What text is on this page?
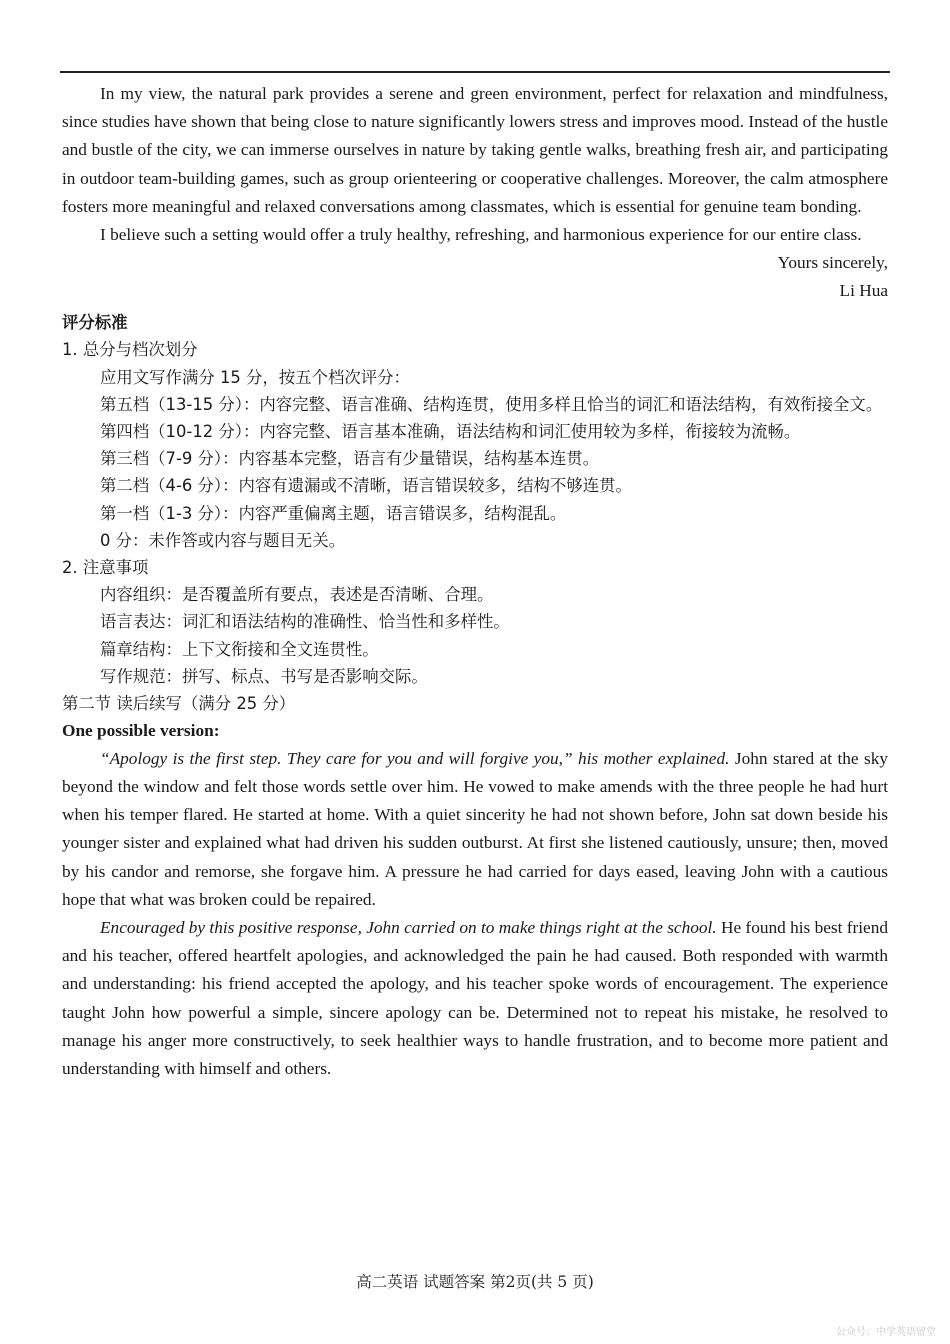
In my view, the natural park provides a serene and green environment, perfect for relaxation and mindfulness, since studies have shown that being close to nature significantly lowers stress and improves mood. Instead of the hustle and bustle of the city, we can immerse ourselves in nature by taking gentle walks, breathing fresh air, and participating in outdoor team-building games, such as group orienteering or cooperative challenges. Moreover, the calm atmosphere fosters more meaningful and relaxed conversations among classmates, which is essential for genuine team bonding.

I believe such a setting would offer a truly healthy, refreshing, and harmonious experience for our entire class.

Yours sincerely,
Li Hua
评分标准
1. 总分与档次划分
应用文写作满分 15 分，按五个档次评分：
第五档（13-15 分）：内容完整、语言准确、结构连贯，使用多样且恰当的词汇和语法结构，有效衔接全文。
第四档（10-12 分）：内容完整、语言基本准确，语法结构和词汇使用较为多样，衔接较为流畅。
第三档（7-9 分）：内容基本完整，语言有少量错误，结构基本连贯。
第二档（4-6 分）：内容有遗漏或不清晰，语言错误较多，结构不够连贯。
第一档（1-3 分）：内容严重偏离主题，语言错误多，结构混乱。
0 分：未作答或内容与题目无关。
2. 注意事项
内容组织：是否覆盖所有要点，表述是否清晰、合理。
语言表达：词汇和语法结构的准确性、恰当性和多样性。
篇章结构：上下文衔接和全文连贯性。
写作规范：拼写、标点、书写是否影响交际。
第二节 读后续写（满分 25 分）
One possible version:

“Apology is the first step. They care for you and will forgive you,” his mother explained. John stared at the sky beyond the window and felt those words settle over him. He vowed to make amends with the three people he had hurt when his temper flared. He started at home. With a quiet sincerity he had not shown before, John sat down beside his younger sister and explained what had driven his sudden outburst. At first she listened cautiously, unsure; then, moved by his candor and remorse, she forgave him. A pressure he had carried for days eased, leaving John with a cautious hope that what was broken could be repaired.

Encouraged by this positive response, John carried on to make things right at the school. He found his best friend and his teacher, offered heartfelt apologies, and acknowledged the pain he had caused. Both responded with warmth and understanding: his friend accepted the apology, and his teacher spoke words of encouragement. The experience taught John how powerful a simple, sincere apology can be. Determined not to repeat his mistake, he resolved to manage his anger more constructively, to seek healthier ways to handle frustration, and to become more patient and understanding with himself and others.

高二英语 试题答案 第2页(共 5 页)
公众号：中学英语留堂
